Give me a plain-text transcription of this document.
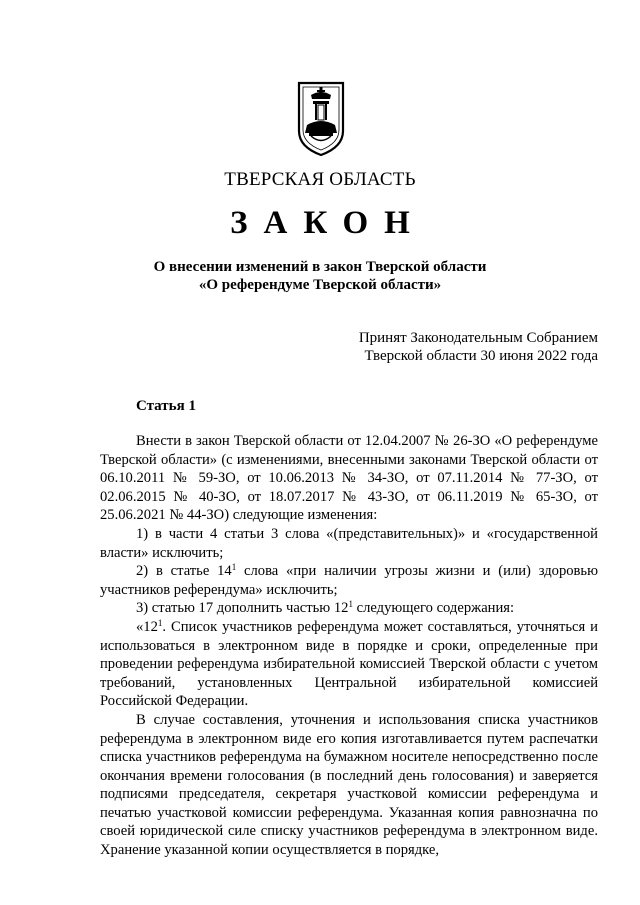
ТВЕРСКАЯ ОБЛАСТЬ
ЗАКОН
О внесении изменений в закон Тверской области
«О референдуме Тверской области»
Принят Законодательным Собранием
Тверской области 30 июня 2022 года
Статья 1

Внести в закон Тверской области от 12.04.2007 № 26-ЗО «О референдуме Тверской области» (с изменениями, внесенными законами Тверской области от 06.10.2011 № 59-ЗО, от 10.06.2013 № 34-ЗО, от 07.11.2014 № 77-ЗО, от 02.06.2015 № 40-ЗО, от 18.07.2017 № 43-ЗО, от 06.11.2019 № 65-ЗО, от 25.06.2021 № 44-ЗО) следующие изменения:

1) в части 4 статьи 3 слова «(представительных)» и «государственной власти» исключить;

2) в статье $14^1$ слова «при наличии угрозы жизни и (или) здоровью участников референдума» исключить;

3) статью 17 дополнить частью $12^1$ следующего содержания:

«$12^1$. Список участников референдума может составляться, уточняться и использоваться в электронном виде в порядке и сроки, определенные при проведении референдума избирательной комиссией Тверской области с учетом требований, установленных Центральной избирательной комиссией Российской Федерации.

В случае составления, уточнения и использования списка участников референдума в электронном виде его копия изготавливается путем распечатки списка участников референдума на бумажном носителе непосредственно после окончания времени голосования (в последний день голосования) и заверяется подписями председателя, секретаря участковой комиссии референдума и печатью участковой комиссии референдума. Указанная копия равнозначна по своей юридической силе списку участников референдума в электронном виде. Хранение указанной копии осуществляется в порядке,
